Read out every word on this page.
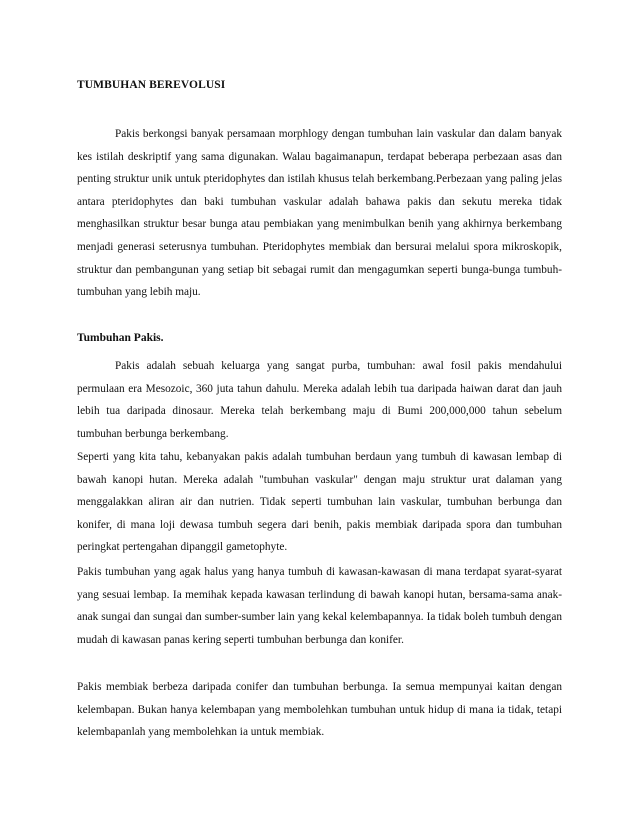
TUMBUHAN BEREVOLUSI

Pakis berkongsi banyak persamaan morphlogy dengan tumbuhan lain vaskular dan dalam banyak kes istilah deskriptif yang sama digunakan. Walau bagaimanapun, terdapat beberapa perbezaan asas dan penting struktur unik untuk pteridophytes dan istilah khusus telah berkembang.Perbezaan yang paling jelas antara pteridophytes dan baki tumbuhan vaskular adalah bahawa pakis dan sekutu mereka tidak menghasilkan struktur besar bunga atau pembiakan yang menimbulkan benih yang akhirnya berkembang menjadi generasi seterusnya tumbuhan. Pteridophytes membiak dan bersurai melalui spora mikroskopik, struktur dan pembangunan yang setiap bit sebagai rumit dan mengagumkan seperti bunga-bunga tumbuh-tumbuhan yang lebih maju.

Tumbuhan Pakis.

Pakis adalah sebuah keluarga yang sangat purba, tumbuhan: awal fosil pakis mendahului permulaan era Mesozoic, 360 juta tahun dahulu. Mereka adalah lebih tua daripada haiwan darat dan jauh lebih tua daripada dinosaur. Mereka telah berkembang maju di Bumi 200,000,000 tahun sebelum tumbuhan berbunga berkembang.

Seperti yang kita tahu, kebanyakan pakis adalah tumbuhan berdaun yang tumbuh di kawasan lembap di bawah kanopi hutan. Mereka adalah "tumbuhan vaskular" dengan maju struktur urat dalaman yang menggalakkan aliran air dan nutrien. Tidak seperti tumbuhan lain vaskular, tumbuhan berbunga dan konifer, di mana loji dewasa tumbuh segera dari benih, pakis membiak daripada spora dan tumbuhan peringkat pertengahan dipanggil gametophyte.

Pakis tumbuhan yang agak halus yang hanya tumbuh di kawasan-kawasan di mana terdapat syarat-syarat yang sesuai lembap. Ia memihak kepada kawasan terlindung di bawah kanopi hutan, bersama-sama anak-anak sungai dan sungai dan sumber-sumber lain yang kekal kelembapannya. Ia tidak boleh tumbuh dengan mudah di kawasan panas kering seperti tumbuhan berbunga dan konifer.

Pakis membiak berbeza daripada conifer dan tumbuhan berbunga. Ia semua mempunyai kaitan dengan kelembapan. Bukan hanya kelembapan yang membolehkan tumbuhan untuk hidup di mana ia tidak, tetapi kelembapanlah yang membolehkan ia untuk membiak.
